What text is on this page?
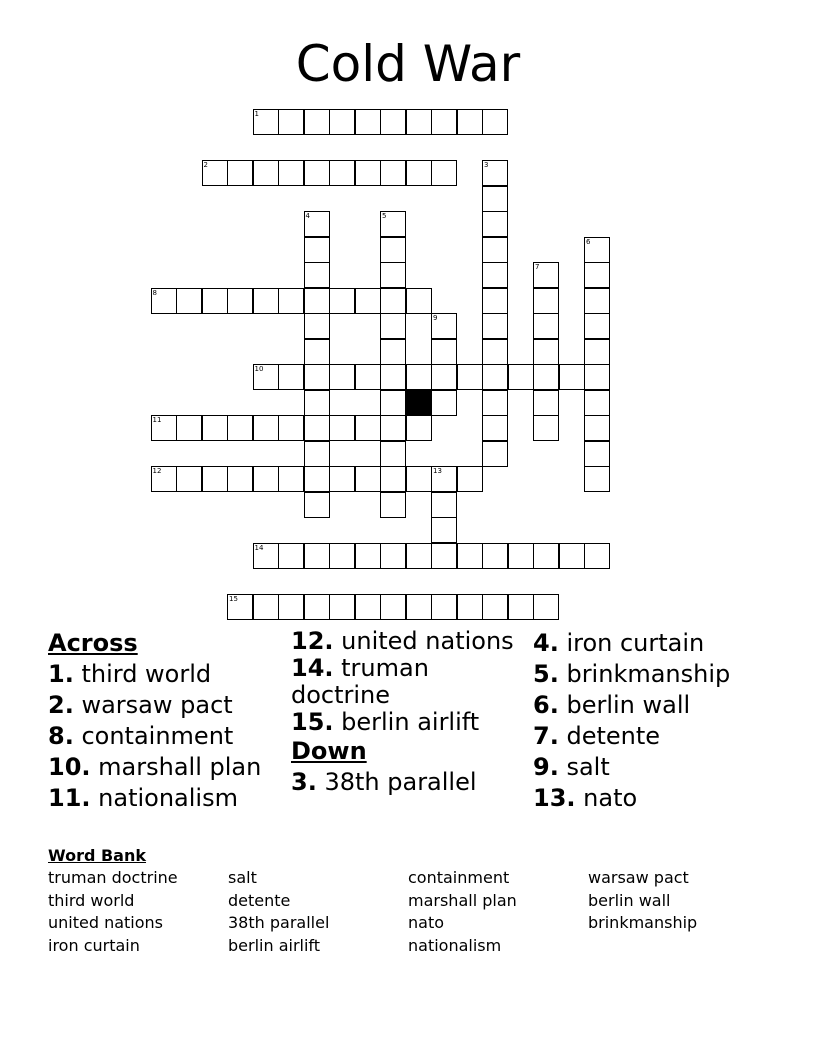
Cold War
1
2
8
10
11
12	13
14
15
3
4	5
6
7
9
Across
1. third world
2. warsaw pact
8. containment
10. marshall plan
11. nationalism
12. united nations
14. truman doctrine
15. berlin airlift
Down
3. 38th parallel
4. iron curtain
5. brinkmanship
6. berlin wall
7. detente
9. salt
13. nato
Word Bank
truman doctrine
third world
united nations
iron curtain
salt
detente
38th parallel
berlin airlift
containment
marshall plan
nato
nationalism
warsaw pact
berlin wall
brinkmanship
